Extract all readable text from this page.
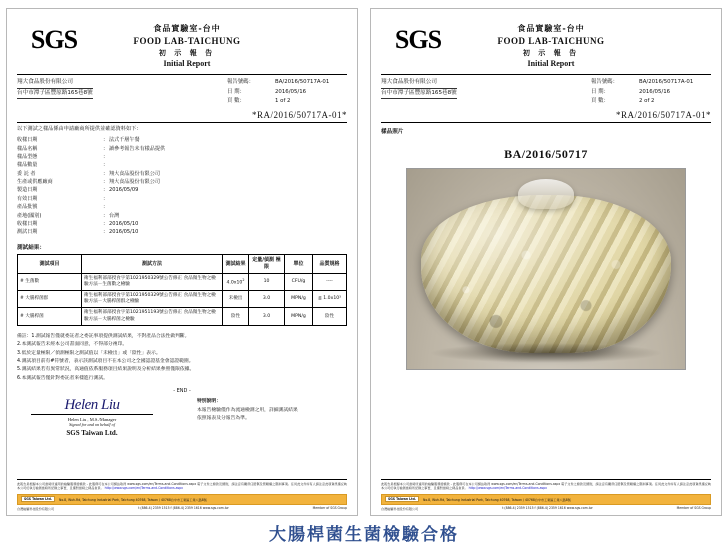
SGS	食品實驗室-台中
FOOD LAB-TAICHUNG
初 示 報 告
Initial Report
翔大食品股份有限公司
台中市潭子區豐原路165巷8號
報告號碼：	BA/2016/50717A-01
日 期：	2016/05/16
頁 數：	1 of 2
*RA/2016/50717A-01*
以下測試之樣品係由申請廠商所提供並確認資料如下：
收樣日期	：	法式千層午餐
樣品名稱	：	讀參考報告未有樣品提供
樣品型態	：	
樣品數量	：	
委 託 者	：	翔大食品股份有限公司
生產或供應廠商	：	翔大食品股份有限公司
製造日期	：	2016/05/09
有效日期	：	
產品批號	：	
產地(國別)	：	台灣
收樣日期	：	2016/05/10
測試日期	：	2016/05/10
測試結果：
測試項目	測試方法	測試結果	定量/偵測 極限	單位	品質規格
# 生菌數	衛生福利部部授食字第1021950329號公告修正 食品微生物之檢驗方法－生菌數之檢驗	$4.0x10^2$	10	CFU/g	----
# 大腸桿菌群	衛生福利部部授食字第1021950329號公告修正 食品微生物之檢驗方法－大腸桿菌群之檢驗	未檢出	3.0	MPN/g	≦ 1.0x10³
# 大腸桿菌	衛生福利部部授食字第1021951193號公告修正 食品微生物之檢驗方法－大腸桿菌之檢驗	陰性	3.0	MPN/g	陰性
備註：1.測試報告僅就委託者之委託事項提供測試結果，不對產品合法性做判斷。
2.本測試報告未經本公司書面同意，不得部分複印。
3.低於定量極限／偵測極限之測試值以「未檢出」或「陰性」表示。
4.測試項目前有#符號者，表示該測試項目不在本公司之全國認證基金會認證範圍。
5.測試結果若有異常狀況，高通值依系服務項目結果說明及分析結果參照僅限依據。
6.本測試報告僅針對委託者來樣進行測試。
- END -
Helen Liu
Helen Liu , M.S./Manager
Signed for and on behalf of
SGS Taiwan Ltd.
特別說明：
本報告檢驗僅作為流通檢測之用，詳細測試結果
依照報表及分報告為準。
此報告是根據本公司當時所適用的檢驗服務總條款 - 此服務可在本公司網站取得 www.sgs.com/en/Terms-and-Conditions.aspx 電子文件之條款及細則，請注意有關責任賠償及管轄權之限制事項。任何此文件持有人請注意此項資訊僅反映本公司於執行檢測當時所記錄之事實，且僅對當時之樣品負責。 http://www.sgs.com/en/Terms-and-Conditions.aspx
SGS Taiwan Ltd.	No.8, Wuh-Rd, Taichung Industrial Park, Taichung 40768, Taiwan / 40768台中市工業區工業八路8號
台灣檢驗科技股份有限公司	t (886-4) 2359 1515 f (886-4) 2359 1616 www.sgs.com.tw	Member of SGS Group
SGS	食品實驗室-台中
FOOD LAB-TAICHUNG
初 示 報 告
Initial Report
翔大食品股份有限公司
台中市潭子區豐原路165巷8號
報告號碼：	BA/2016/50717A-01
日 期：	2016/05/16
頁 數：	2 of 2
*RA/2016/50717A-01*
樣品照片
BA/2016/50717
此報告是根據本公司當時所適用的檢驗服務總條款 - 此服務可在本公司網站取得 www.sgs.com/en/Terms-and-Conditions.aspx 電子文件之條款及細則，請注意有關責任賠償及管轄權之限制事項。任何此文件持有人請注意此項資訊僅反映本公司於執行檢測當時所記錄之事實，且僅對當時之樣品負責。 http://www.sgs.com/en/Terms-and-Conditions.aspx
SGS Taiwan Ltd.	No.8, Wuh-Rd, Taichung Industrial Park, Taichung 40768, Taiwan / 40768台中市工業區工業八路8號
台灣檢驗科技股份有限公司	t (886-4) 2359 1515 f (886-4) 2359 1616 www.sgs.com.tw	Member of SGS Group
大腸桿菌生菌檢驗合格
